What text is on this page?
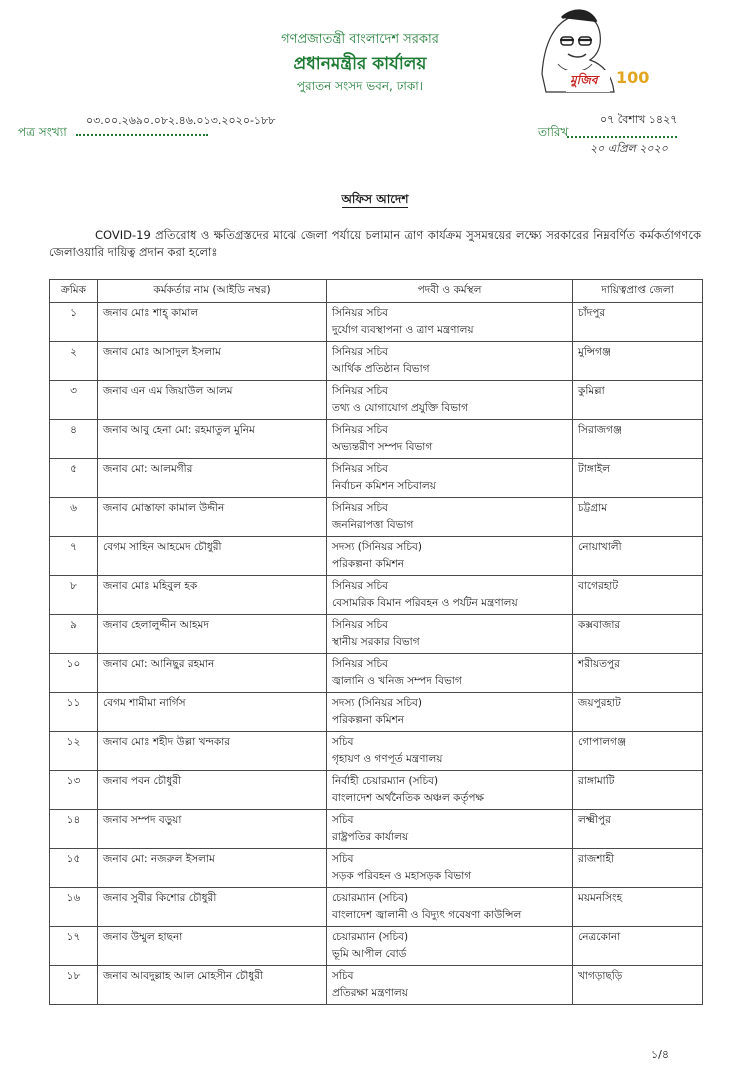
গণপ্রজাতন্ত্রী বাংলাদেশ সরকার
প্রধানমন্ত্রীর কার্যালয়
পুরাতন সংসদ ভবন, ঢাকা।	মুজিব 100
০৩.০০.২৬৯০.০৮২.৪৬.০১৩.২০২০-১৮৮
পত্র সংখ্যা
০৭ বৈশাখ ১৪২৭
তারিখ
২০ এপ্রিল ২০২০
অফিস আদেশ

COVID-19 প্রতিরোধ ও ক্ষতিগ্রস্তদের মাঝে জেলা পর্যায়ে চলামান ত্রাণ কার্যক্রম সুসমন্বয়ের লক্ষ্যে সরকারের নিম্নবর্ণিত কর্মকর্তাগণকে জেলাওয়ারি দায়িত্ব প্রদান করা হলোঃ

ক্রমিক	কর্মকর্তার নাম (আইডি নম্বর)	পদবী ও কর্মস্থল	দায়িত্বপ্রাপ্ত জেলা
১	জনাব মোঃ শাহ্‌ কামাল	সিনিয়র সচিব
দুর্যোগ ব্যবস্থাপনা ও ত্রাণ মন্ত্রণালয়	চাঁদপুর
২	জনাব মোঃ আসাদুল ইসলাম	সিনিয়র সচিব
আর্থিক প্রতিষ্ঠান বিভাগ	মুন্সিগঞ্জ
৩	জনাব এন এম জিয়াউল আলম	সিনিয়র সচিব
তথ্য ও যোগাযোগ প্রযুক্তি বিভাগ	কুমিল্লা
৪	জনাব আবু হেনা মো: রহমাতুল মুনিম	সিনিয়র সচিব
অভ্যন্তরীণ সম্পদ বিভাগ	সিরাজগঞ্জ
৫	জনাব মো: আলমগীর	সিনিয়র সচিব
নির্বাচন কমিশন সচিবালয়	টাঙ্গাইল
৬	জনাব মোস্তাফা কামাল উদ্দীন	সিনিয়র সচিব
জননিরাপত্তা বিভাগ	চট্টগ্রাম
৭	বেগম সাহিন আহমেদ চৌধুরী	সদস্য (সিনিয়র সচিব)
পরিকল্পনা কমিশন	নোয়াখালী
৮	জনাব মোঃ মহিবুল হক	সিনিয়র সচিব
বেসামরিক বিমান পরিবহন ও পর্যটন মন্ত্রণালয়	বাগেরহাট
৯	জনাব হেলালুদ্দীন আহমদ	সিনিয়র সচিব
স্থানীয় সরকার বিভাগ	কক্সবাজার
১০	জনাব মো: আনিছুর রহমান	সিনিয়র সচিব
জ্বালানি ও খনিজ সম্পদ বিভাগ	শরীয়তপুর
১১	বেগম শামীমা নার্গিস	সদস্য (সিনিয়র সচিব)
পরিকল্পনা কমিশন	জয়পুরহাট
১২	জনাব মোঃ শহীদ উল্লা খন্দকার	সচিব
গৃহায়ণ ও গণপূর্ত মন্ত্রণালয়	গোপালগঞ্জ
১৩	জনাব পবন চৌধুরী	নির্বাহী চেয়ারম্যান (সচিব)
বাংলাদেশ অর্থনৈতিক অঞ্চল কর্তৃপক্ষ	রাঙ্গামাটি
১৪	জনাব সম্পদ বড়ুয়া	সচিব
রাষ্ট্রপতির কার্যালয়	লক্ষ্মীপুর
১৫	জনাব মো: নজরুল ইসলাম	সচিব
সড়ক পরিবহন ও মহাসড়ক বিভাগ	রাজশাহী
১৬	জনাব সুবীর কিশোর চৌধুরী	চেয়ারম্যান (সচিব)
বাংলাদেশ জ্বালানী ও বিদ্যুৎ গবেষণা কাউন্সিল	ময়মনসিংহ
১৭	জনাব উম্মুল হাছনা	চেয়ারম্যান (সচিব)
ভূমি আপীল বোর্ড	নেত্রকোনা
১৮	জনাব আবদুল্লাহ আল মোহসীন চৌধুরী	সচিব
প্রতিরক্ষা মন্ত্রণালয়	খাগড়াছড়ি
১/৪
